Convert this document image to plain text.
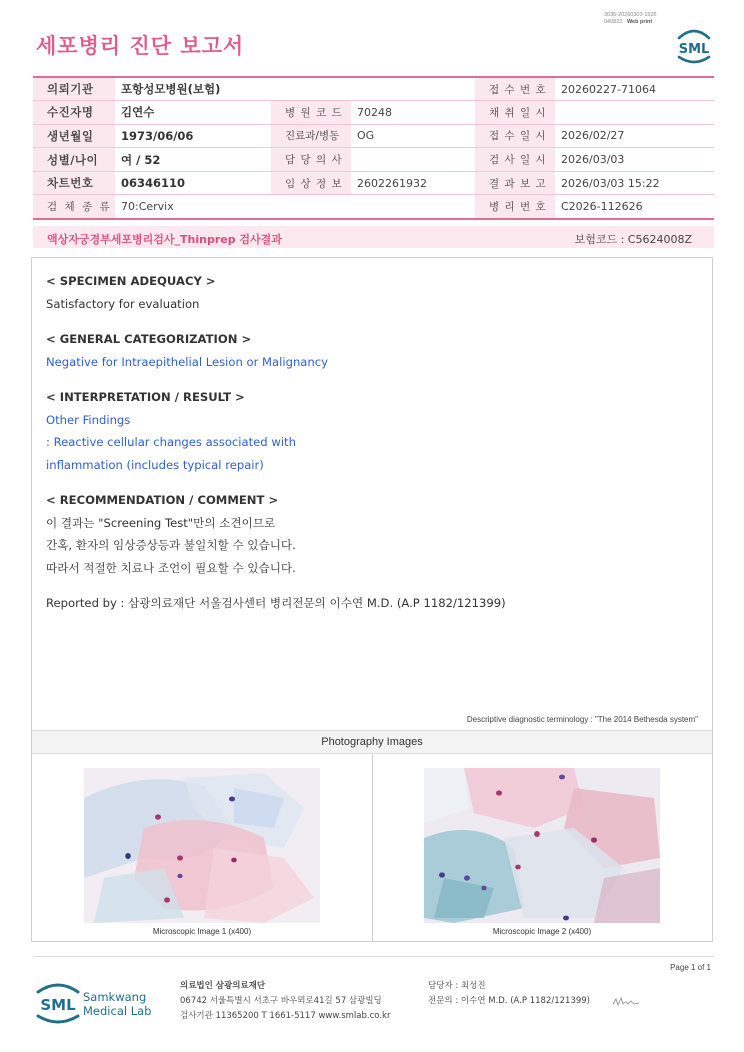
3036-20260303-1526
040822 Web print
세포병리 진단 보고서	SML
의뢰기관	포항성모병원(보험)			접 수 번 호	20260227-71064
수진자명	김연수	병 원 코 드	70248	채 취 일 시	
생년월일	1973/06/06	진료과/병동	OG	접 수 일 시	2026/02/27
성별/나이	여 / 52	담 당 의 사		검 사 일 시	2026/03/03
차트번호	06346110	임 상 정 보	2602261932	결 과 보 고	2026/03/03 15:22
검 체 종 류	70:Cervix			병 리 번 호	C2026-112626
액상자궁경부세포병리검사_Thinprep 검사결과	보험코드 : C5624008Z
< SPECIMEN ADEQUACY >
Satisfactory for evaluation
< GENERAL CATEGORIZATION >
Negative for Intraepithelial Lesion or Malignancy
< INTERPRETATION / RESULT >
Other Findings
: Reactive cellular changes associated with
inflammation (includes typical repair)
< RECOMMENDATION / COMMENT >
이 결과는 "Screening Test"만의 소견이므로
간혹, 환자의 임상증상등과 불일치할 수 있습니다.
따라서 적절한 치료나 조언이 필요할 수 있습니다.
Reported by : 삼광의료재단 서울검사센터 병리전문의 이수연 M.D. (A.P 1182/121399)
Descriptive diagnostic terminology : "The 2014 Bethesda system"
Photography Images
Microscopic Image 1 (x400)	Microscopic Image 2 (x400)
Page 1 of 1
SML Samkwang
Medical Lab
의료법인 삼광의료재단
06742 서울특별시 서초구 바우뫼로41길 57 삼광빌딩
검사기관 11365200 T 1661-5117 www.smlab.co.kr
담당자 : 최성진
전문의 : 이수연 M.D. (A.P 1182/121399)
